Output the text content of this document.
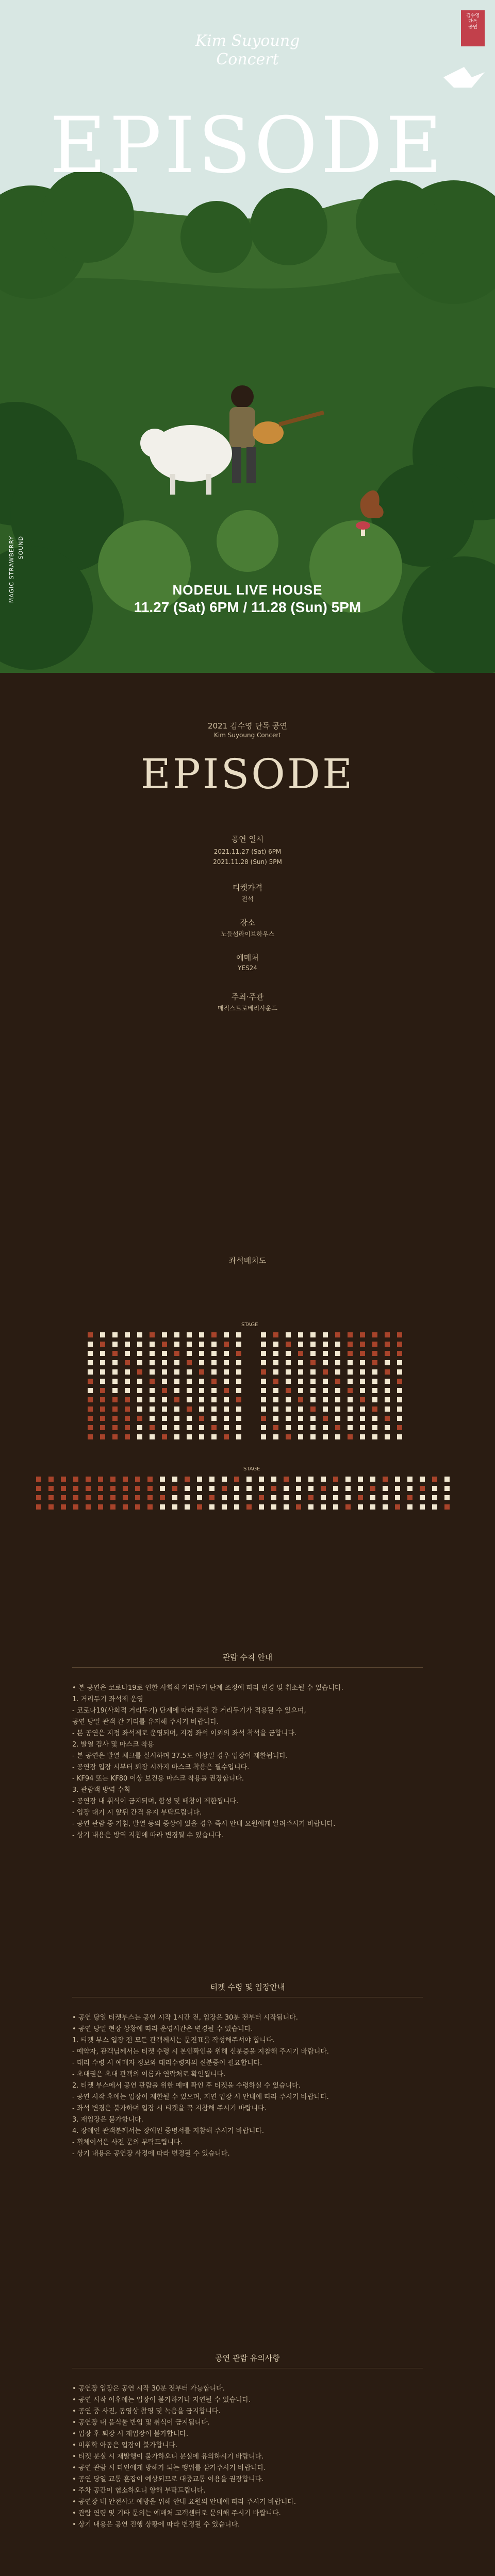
김수영
단독
공연
Kim Suyoung
Concert
EPISODE
MAGIC STRAWBERRY SOUND
NODEUL LIVE HOUSE
11.27 (Sat) 6PM / 11.28 (Sun) 5PM
2021 김수영 단독 공연
Kim Suyoung Concert
EPISODE
공연 일시
2021.11.27 (Sat) 6PM
2021.11.28 (Sun) 5PM
티켓가격
전석
장소
노들섬라이브하우스
예매처
YES24
주최·주관
매직스트로베리사운드
좌석배치도
STAGE
STAGE
관람 수칙 안내
• 본 공연은 코로나19로 인한 사회적 거리두기 단계 조정에 따라 변경 및 취소될 수 있습니다.
1. 거리두기 좌석제 운영
- 코로나19(사회적 거리두기) 단계에 따라 좌석 간 거리두기가 적용될 수 있으며,
공연 당일 관객 간 거리를 유지해 주시기 바랍니다.
- 본 공연은 지정 좌석제로 운영되며, 지정 좌석 이외의 좌석 착석을 금합니다.
2. 발열 검사 및 마스크 착용
- 본 공연은 발열 체크를 실시하며 37.5도 이상일 경우 입장이 제한됩니다.
- 공연장 입장 시부터 퇴장 시까지 마스크 착용은 필수입니다.
- KF94 또는 KF80 이상 보건용 마스크 착용을 권장합니다.
3. 관람객 방역 수칙
- 공연장 내 취식이 금지되며, 함성 및 떼창이 제한됩니다.
- 입장 대기 시 앞뒤 간격 유지 부탁드립니다.
- 공연 관람 중 기침, 발열 등의 증상이 있을 경우 즉시 안내 요원에게 알려주시기 바랍니다.
- 상기 내용은 방역 지침에 따라 변경될 수 있습니다.
티켓 수령 및 입장안내
• 공연 당일 티켓부스는 공연 시작 1시간 전, 입장은 30분 전부터 시작됩니다.
• 공연 당일 현장 상황에 따라 운영시간은 변경될 수 있습니다.
1. 티켓 부스 입장 전 모든 관객께서는 문진표를 작성해주셔야 합니다.
- 예약자, 관객님께서는 티켓 수령 시 본인확인을 위해 신분증을 지참해 주시기 바랍니다.
- 대리 수령 시 예매자 정보와 대리수령자의 신분증이 필요합니다.
- 초대권은 초대 관객의 이름과 연락처로 확인됩니다.
2. 티켓 부스에서 공연 관람을 위한 예매 확인 후 티켓을 수령하실 수 있습니다.
- 공연 시작 후에는 입장이 제한될 수 있으며, 지연 입장 시 안내에 따라 주시기 바랍니다.
- 좌석 변경은 불가하며 입장 시 티켓을 꼭 지참해 주시기 바랍니다.
3. 재입장은 불가합니다.
4. 장애인 관객분께서는 장애인 증명서를 지참해 주시기 바랍니다.
- 휠체어석은 사전 문의 부탁드립니다.
- 상기 내용은 공연장 사정에 따라 변경될 수 있습니다.
공연 관람 유의사항
• 공연장 입장은 공연 시작 30분 전부터 가능합니다.
• 공연 시작 이후에는 입장이 불가하거나 지연될 수 있습니다.
• 공연 중 사진, 동영상 촬영 및 녹음을 금지합니다.
• 공연장 내 음식물 반입 및 취식이 금지됩니다.
• 입장 후 퇴장 시 재입장이 불가합니다.
• 미취학 아동은 입장이 불가합니다.
• 티켓 분실 시 재발행이 불가하오니 분실에 유의하시기 바랍니다.
• 공연 관람 시 타인에게 방해가 되는 행위를 삼가주시기 바랍니다.
• 공연 당일 교통 혼잡이 예상되므로 대중교통 이용을 권장합니다.
• 주차 공간이 협소하오니 양해 부탁드립니다.
• 공연장 내 안전사고 예방을 위해 안내 요원의 안내에 따라 주시기 바랍니다.
• 관람 연령 및 기타 문의는 예매처 고객센터로 문의해 주시기 바랍니다.
• 상기 내용은 공연 진행 상황에 따라 변경될 수 있습니다.
